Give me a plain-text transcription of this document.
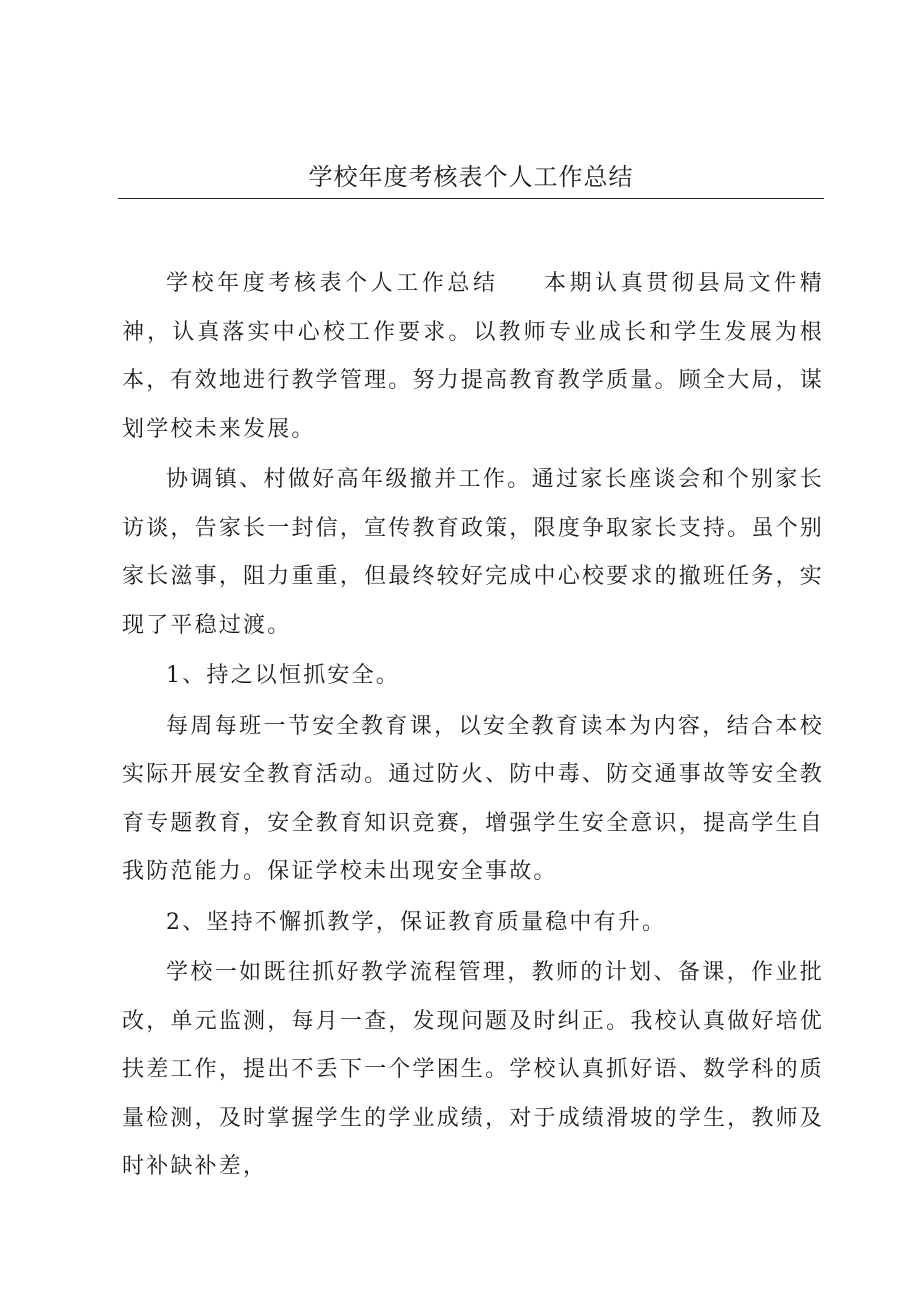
学校年度考核表个人工作总结

学校年度考核表个人工作总结 本期认真贯彻县局文件精神，认真落实中心校工作要求。以教师专业成长和学生发展为根本，有效地进行教学管理。努力提高教育教学质量。顾全大局，谋划学校未来发展。

协调镇、村做好高年级撤并工作。通过家长座谈会和个别家长访谈，告家长一封信，宣传教育政策，限度争取家长支持。虽个别家长滋事，阻力重重，但最终较好完成中心校要求的撤班任务，实现了平稳过渡。

1、持之以恒抓安全。

每周每班一节安全教育课，以安全教育读本为内容，结合本校实际开展安全教育活动。通过防火、防中毒、防交通事故等安全教育专题教育，安全教育知识竞赛，增强学生安全意识，提高学生自我防范能力。保证学校未出现安全事故。

2、坚持不懈抓教学，保证教育质量稳中有升。

学校一如既往抓好教学流程管理，教师的计划、备课，作业批改，单元监测，每月一查，发现问题及时纠正。我校认真做好培优扶差工作，提出不丢下一个学困生。学校认真抓好语、数学科的质量检测，及时掌握学生的学业成绩，对于成绩滑坡的学生，教师及时补缺补差，
